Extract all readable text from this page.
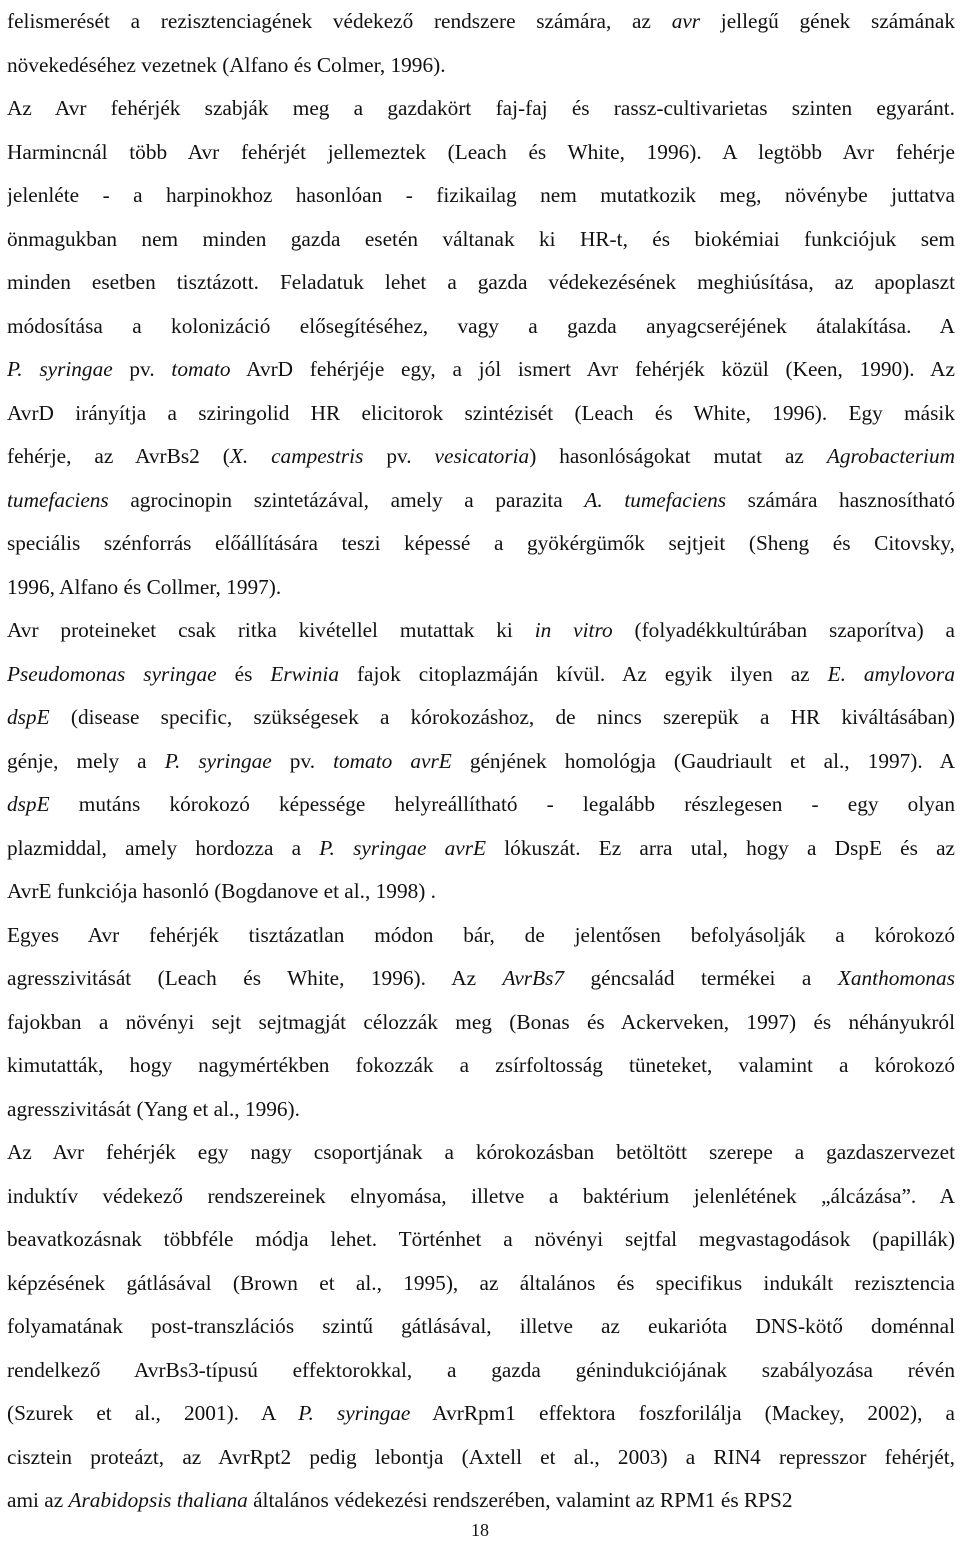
felismerését a rezisztenciagének védekező rendszere számára, az avr jellegű gének számának
növekedéséhez vezetnek (Alfano és Colmer, 1996).
Az Avr fehérjék szabják meg a gazdakört faj-faj és rassz-cultivarietas szinten egyaránt.
Harmincnál több Avr fehérjét jellemeztek (Leach és White, 1996). A legtöbb Avr fehérje
jelenléte - a harpinokhoz hasonlóan - fizikailag nem mutatkozik meg, növénybe juttatva
önmagukban nem minden gazda esetén váltanak ki HR-t, és biokémiai funkciójuk sem
minden esetben tisztázott. Feladatuk lehet a gazda védekezésének meghiúsítása, az apoplaszt
módosítása a kolonizáció elősegítéséhez, vagy a gazda anyagcseréjének átalakítása. A
P. syringae pv. tomato AvrD fehérjéje egy, a jól ismert Avr fehérjék közül (Keen, 1990). Az
AvrD irányítja a sziringolid HR elicitorok szintézisét (Leach és White, 1996). Egy másik
fehérje, az AvrBs2 (X. campestris pv. vesicatoria) hasonlóságokat mutat az Agrobacterium
tumefaciens agrocinopin szintetázával, amely a parazita A. tumefaciens számára hasznosítható
speciális szénforrás előállítására teszi képessé a gyökérgümők sejtjeit (Sheng és Citovsky,
1996, Alfano és Collmer, 1997).
Avr proteineket csak ritka kivétellel mutattak ki in vitro (folyadékkultúrában szaporítva) a
Pseudomonas syringae és Erwinia fajok citoplazmáján kívül. Az egyik ilyen az E. amylovora
dspE (disease specific, szükségesek a kórokozáshoz, de nincs szerepük a HR kiváltásában)
génje, mely a P. syringae pv. tomato avrE génjének homológja (Gaudriault et al., 1997). A
dspE mutáns kórokozó képessége helyreállítható - legalább részlegesen - egy olyan
plazmiddal, amely hordozza a P. syringae avrE lókuszát. Ez arra utal, hogy a DspE és az
AvrE funkciója hasonló (Bogdanove et al., 1998) .
Egyes Avr fehérjék tisztázatlan módon bár, de jelentősen befolyásolják a kórokozó
agresszivitását (Leach és White, 1996). Az AvrBs7 géncsalád termékei a Xanthomonas
fajokban a növényi sejt sejtmagját célozzák meg (Bonas és Ackerveken, 1997) és néhányukról
kimutatták, hogy nagymértékben fokozzák a zsírfoltosság tüneteket, valamint a kórokozó
agresszivitását (Yang et al., 1996).
Az Avr fehérjék egy nagy csoportjának a kórokozásban betöltött szerepe a gazdaszervezet
induktív védekező rendszereinek elnyomása, illetve a baktérium jelenlétének „álcázása”. A
beavatkozásnak többféle módja lehet. Történhet a növényi sejtfal megvastagodások (papillák)
képzésének gátlásával (Brown et al., 1995), az általános és specifikus indukált rezisztencia
folyamatának post-transzlációs szintű gátlásával, illetve az eukarióta DNS-kötő doménnal
rendelkező AvrBs3-típusú effektorokkal, a gazda génindukciójának szabályozása révén
(Szurek et al., 2001). A P. syringae AvrRpm1 effektora foszforilálja (Mackey, 2002), a
cisztein proteázt, az AvrRpt2 pedig lebontja (Axtell et al., 2003) a RIN4 represszor fehérjét,
ami az Arabidopsis thaliana általános védekezési rendszerében, valamint az RPM1 és RPS2
18
